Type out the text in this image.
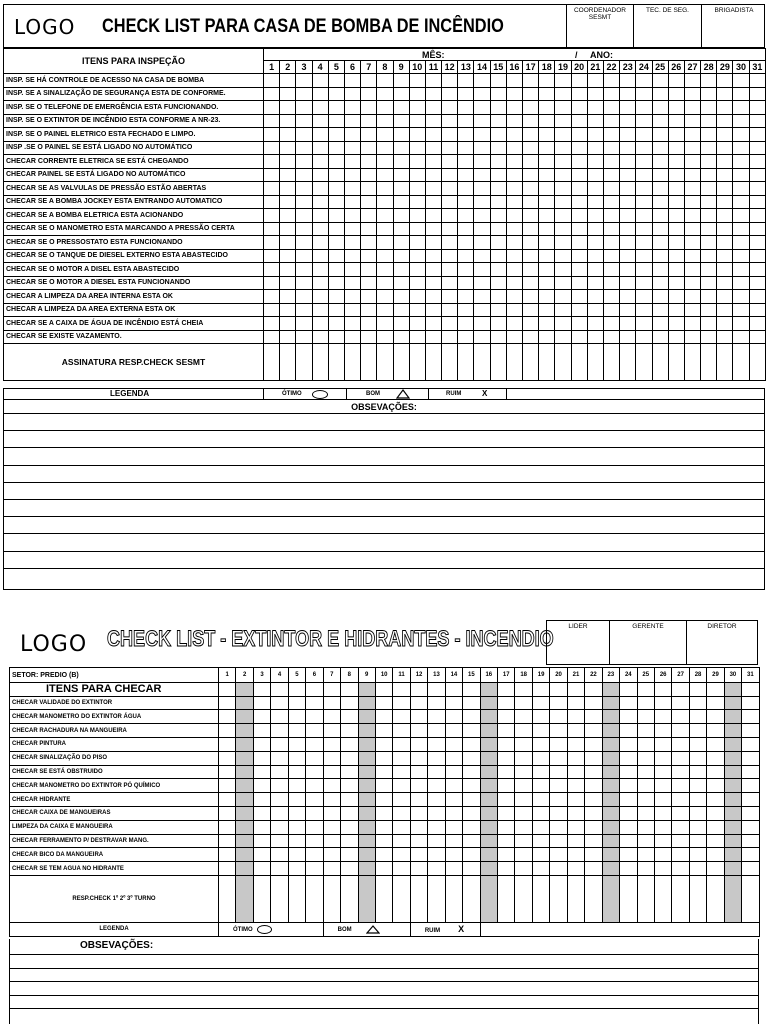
LOGO CHECK LIST PARA CASA DE BOMBA DE INCÊNDIO
COORDENADOR SESMT
TEC. DE SEG.	BRIGADISTA
ITENS PARA INSPEÇÃO	MÊS: / ANO:																														
	1	2	3	4	5	6	7	8	9	10	11	12	13	14	15	16	17	18	19	20	21	22	23	24	25	26	27	28	29	30	31
INSP. SE HÁ CONTROLE DE ACESSO NA CASA DE BOMBA																															
INSP. SE A SINALIZAÇÃO DE SEGURANÇA ESTA DE CONFORME.																															
INSP. SE O TELEFONE DE EMERGÊNCIA ESTA FUNCIONANDO.																															
INSP. SE O EXTINTOR DE INCÊNDIO ESTA CONFORME A NR-23.																															
INSP. SE O PAINEL ELETRICO ESTA FECHADO E LIMPO.																															
INSP .SE O PAINEL SE ESTÁ LIGADO NO AUTOMÁTICO																															
CHECAR CORRENTE ELETRICA SE ESTÁ CHEGANDO																															
CHECAR PAINEL SE ESTÁ LIGADO NO AUTOMÁTICO																															
CHECAR SE AS VALVULAS DE PRESSÃO ESTÃO ABERTAS																															
CHECAR SE A BOMBA JOCKEY ESTA ENTRANDO AUTOMATICO																															
CHECAR SE A BOMBA ELETRICA ESTA ACIONANDO																															
CHECAR SE O MANOMETRO ESTA MARCANDO A PRESSÃO CERTA																															
CHECAR SE O PRESSOSTATO ESTA FUNCIONANDO																															
CHECAR SE O TANQUE DE DIESEL EXTERNO ESTA ABASTECIDO																															
CHECAR SE O MOTOR A DISEL ESTA ABASTECIDO																															
CHECAR SE O MOTOR A DIESEL ESTA FUNCIONANDO																															
CHECAR A LIMPEZA DA AREA INTERNA ESTA OK																															
CHECAR A LIMPEZA DA AREA EXTERNA ESTA OK																															
CHECAR SE A CAIXA DE ÁGUA DE INCÊNDIO ESTÁ CHEIA																															
CHECAR SE EXISTE VAZAMENTO.																															
ASSINATURA RESP.CHECK SESMT																															
LEGENDA	ÓTIMO	BOM	RUIM	X
OBSEVAÇÕES:
LOGO CHECK LIST - EXTINTOR E HIDRANTES - INCENDIO	LIDER	GERENTE	DIRETOR
SETOR: PREDIO (B)	1	2	3	4	5	6	7	8	9	10	11	12	13	14	15	16	17	18	19	20	21	22	23	24	25	26	27	28	29	30	31
ITENS PARA CHECAR																															
CHECAR VALIDADE DO EXTINTOR																															
CHECAR MANOMETRO DO EXTINTOR ÁGUA																															
CHECAR RACHADURA NA MANGUEIRA																															
CHECAR PINTURA																															
CHECAR SINALIZAÇÃO DO PISO																															
CHECAR SE ESTÁ OBSTRUIDO																															
CHECAR MANOMETRO DO EXTINTOR PÓ QUÍMICO																															
CHECAR HIDRANTE																															
CHECAR CAIXA DE MANGUEIRAS																															
LIMPEZA DA CAIXA E MANGUEIRA																															
CHECAR FERRAMENTO P/ DESTRAVAR MANG.																															
CHECAR BICO DA MANGUEIRA																															
CHECAR SE TEM AGUA NO HIDRANTE																															
RESP.CHECK 1º 2º 3º TURNO																															
LEGENDA	ÓTIMO						BOM					RUIM X																			
OBSEVAÇÕES:
